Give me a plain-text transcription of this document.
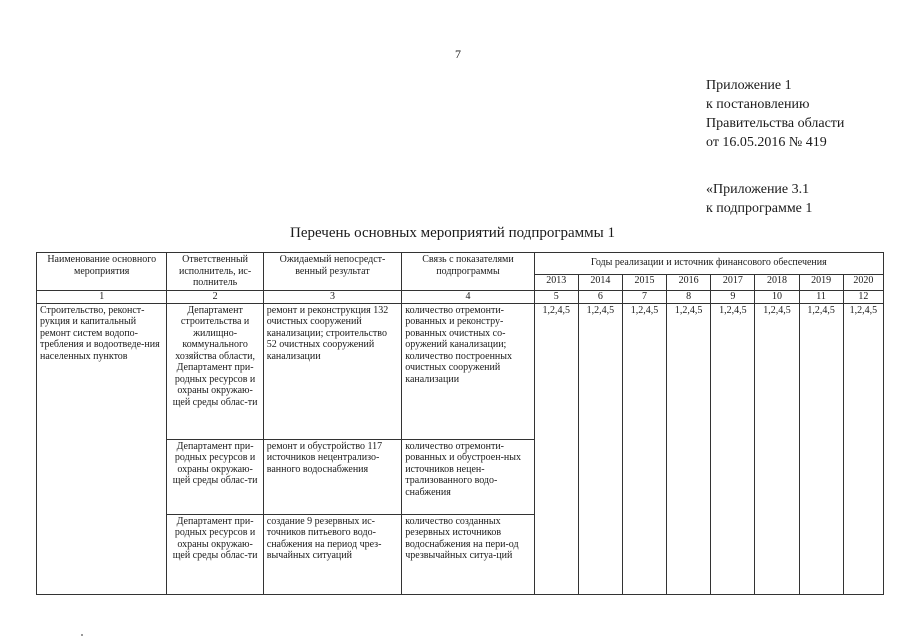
7
Приложение 1
к постановлению
Правительства области
от 16.05.2016 № 419
«Приложение 3.1
к подпрограмме 1
Перечень основных мероприятий подпрограммы 1
Наименование основного мероприятия	Ответственный исполнитель, ис-полнитель	Ожидаемый непосредст-венный результат	Связь с показателями подпрограммы	Годы реализации и источник финансового обеспечения							
				2013	2014	2015	2016	2017	2018	2019	2020
1	2	3	4	5	6	7	8	9	10	11	12
Строительство, реконст-рукция и капитальный ремонт систем водопо-требления и водоотведе-ния населенных пунктов	Департамент строительства и жилищно-коммунального хозяйства области, Департамент при-родных ресурсов и охраны окружаю-щей среды облас-ти	ремонт и реконструкция 132 очистных сооружений канализации; строительство 52 очистных сооружений канализации	количество отремонти-рованных и реконстру-рованных очистных со-оружений канализации; количество построенных очистных сооружений канализации	1,2,4,5	1,2,4,5	1,2,4,5	1,2,4,5	1,2,4,5	1,2,4,5	1,2,4,5	1,2,4,5
	Департамент при-родных ресурсов и охраны окружаю-щей среды облас-ти	ремонт и обустройство 117 источников нецентрализо-ванного водоснабжения	количество отремонти-рованных и обустроен-ных источников нецен-трализованного водо-снабжения								
	Департамент при-родных ресурсов и охраны окружаю-щей среды облас-ти	создание 9 резервных ис-точников питьевого водо-снабжения на период чрез-вычайных ситуаций	количество созданных резервных источников водоснабжения на пери-од чрезвычайных ситуа-ций								
